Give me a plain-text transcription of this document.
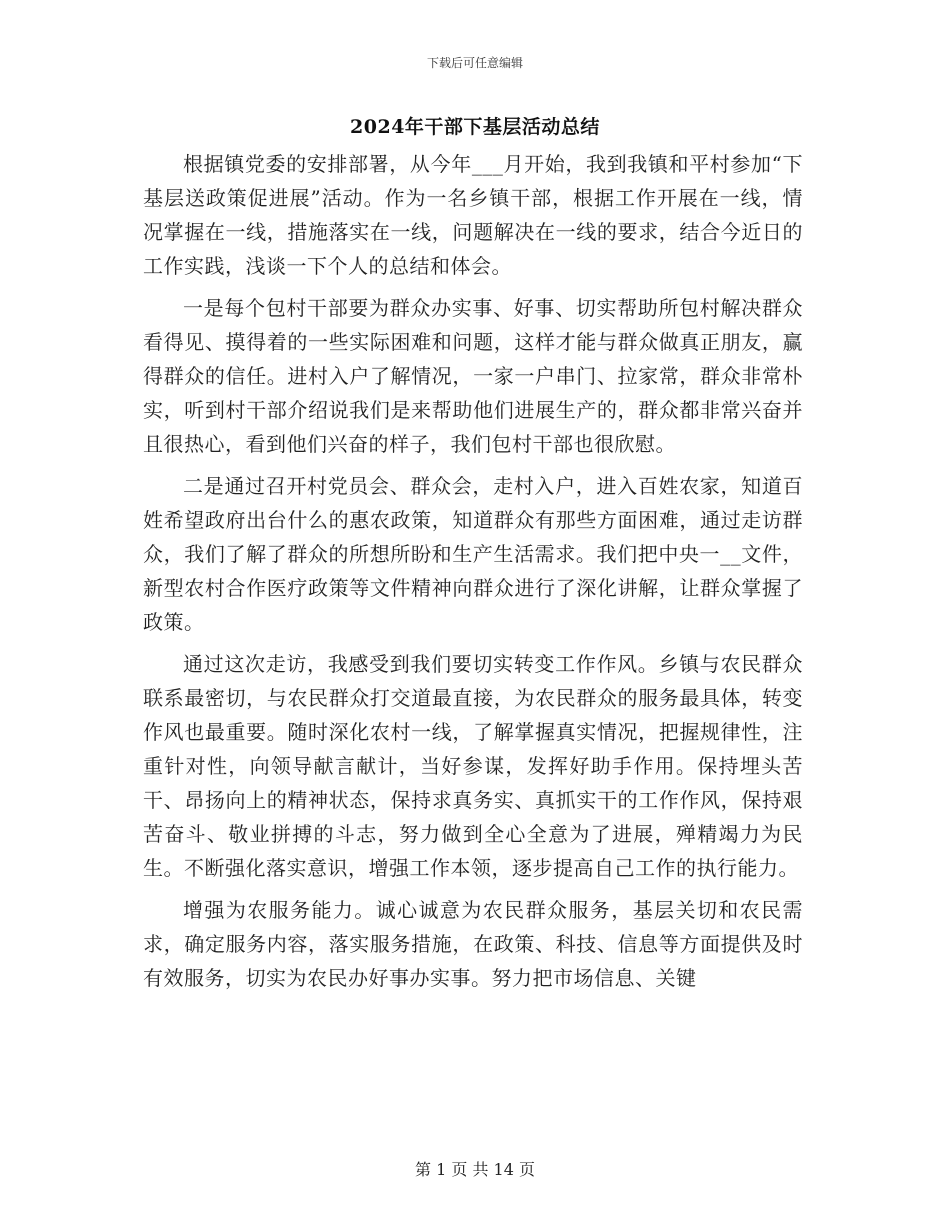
下载后可任意编辑
2024年干部下基层活动总结

根据镇党委的安排部署，从今年___月开始，我到我镇和平村参加“下基层送政策促进展”活动。作为一名乡镇干部，根据工作开展在一线，情况掌握在一线，措施落实在一线，问题解决在一线的要求，结合今近日的工作实践，浅谈一下个人的总结和体会。

一是每个包村干部要为群众办实事、好事、切实帮助所包村解决群众看得见、摸得着的一些实际困难和问题，这样才能与群众做真正朋友，赢得群众的信任。进村入户了解情况，一家一户串门、拉家常，群众非常朴实，听到村干部介绍说我们是来帮助他们进展生产的，群众都非常兴奋并且很热心，看到他们兴奋的样子，我们包村干部也很欣慰。

二是通过召开村党员会、群众会，走村入户，进入百姓农家，知道百姓希望政府出台什么的惠农政策，知道群众有那些方面困难，通过走访群众，我们了解了群众的所想所盼和生产生活需求。我们把中央一__文件，新型农村合作医疗政策等文件精神向群众进行了深化讲解，让群众掌握了政策。

通过这次走访，我感受到我们要切实转变工作作风。乡镇与农民群众联系最密切，与农民群众打交道最直接，为农民群众的服务最具体，转变作风也最重要。随时深化农村一线，了解掌握真实情况，把握规律性，注重针对性，向领导献言献计，当好参谋，发挥好助手作用。保持埋头苦干、昂扬向上的精神状态，保持求真务实、真抓实干的工作作风，保持艰苦奋斗、敬业拼搏的斗志，努力做到全心全意为了进展，殚精竭力为民生。不断强化落实意识，增强工作本领，逐步提高自己工作的执行能力。

增强为农服务能力。诚心诚意为农民群众服务，基层关切和农民需求，确定服务内容，落实服务措施，在政策、科技、信息等方面提供及时有效服务，切实为农民办好事办实事。努力把市场信息、关键

第 1 页 共 14 页
